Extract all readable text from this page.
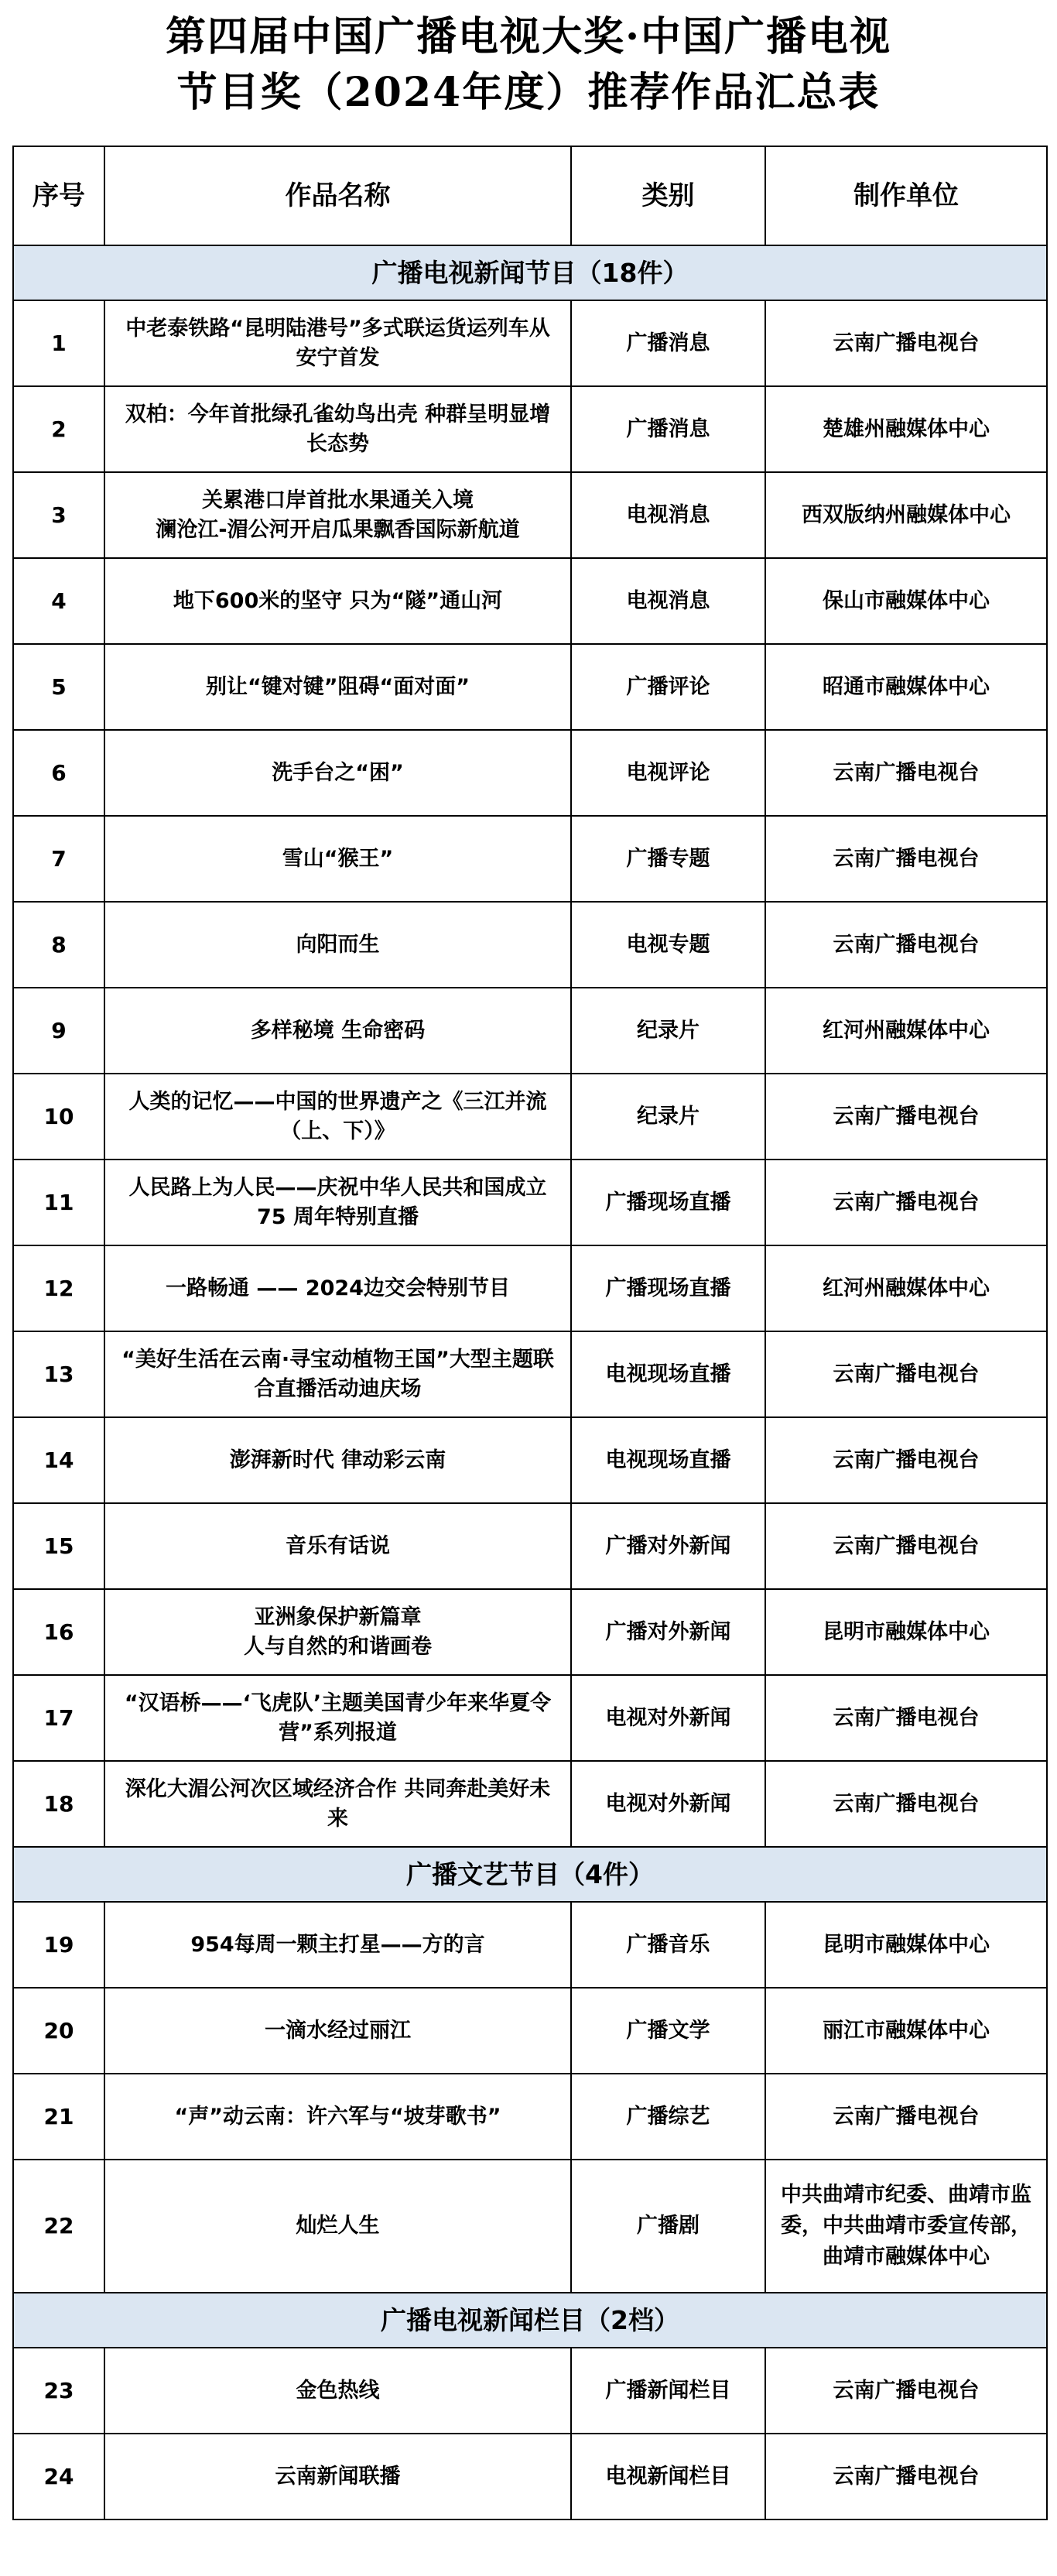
第四届中国广播电视大奖·中国广播电视
节目奖（2024年度）推荐作品汇总表
序号	作品名称	类别	制作单位
广播电视新闻节目（18件）			
1	中老泰铁路“昆明陆港号”多式联运货运列车从安宁首发	广播消息	云南广播电视台
2	双柏：今年首批绿孔雀幼鸟出壳 种群呈明显增长态势	广播消息	楚雄州融媒体中心
3	关累港口岸首批水果通关入境
澜沧江-湄公河开启瓜果飘香国际新航道	电视消息	西双版纳州融媒体中心
4	地下600米的坚守 只为“隧”通山河	电视消息	保山市融媒体中心
5	别让“键对键”阻碍“面对面”	广播评论	昭通市融媒体中心
6	洗手台之“困”	电视评论	云南广播电视台
7	雪山“猴王”	广播专题	云南广播电视台
8	向阳而生	电视专题	云南广播电视台
9	多样秘境 生命密码	纪录片	红河州融媒体中心
10	人类的记忆——中国的世界遗产之《三江并流（上、下）》	纪录片	云南广播电视台
11	人民路上为人民——庆祝中华人民共和国成立 75 周年特别直播	广播现场直播	云南广播电视台
12	一路畅通 —— 2024边交会特别节目	广播现场直播	红河州融媒体中心
13	“美好生活在云南·寻宝动植物王国”大型主题联合直播活动迪庆场	电视现场直播	云南广播电视台
14	澎湃新时代 律动彩云南	电视现场直播	云南广播电视台
15	音乐有话说	广播对外新闻	云南广播电视台
16	亚洲象保护新篇章
人与自然的和谐画卷	广播对外新闻	昆明市融媒体中心
17	“汉语桥——‘飞虎队’主题美国青少年来华夏令营”系列报道	电视对外新闻	云南广播电视台
18	深化大湄公河次区域经济合作 共同奔赴美好未来	电视对外新闻	云南广播电视台
广播文艺节目（4件）			
19	954每周一颗主打星——方的言	广播音乐	昆明市融媒体中心
20	一滴水经过丽江	广播文学	丽江市融媒体中心
21	“声”动云南：许六军与“坡芽歌书”	广播综艺	云南广播电视台
22	灿烂人生	广播剧	中共曲靖市纪委、曲靖市监委，中共曲靖市委宣传部，曲靖市融媒体中心
广播电视新闻栏目（2档）			
23	金色热线	广播新闻栏目	云南广播电视台
24	云南新闻联播	电视新闻栏目	云南广播电视台
